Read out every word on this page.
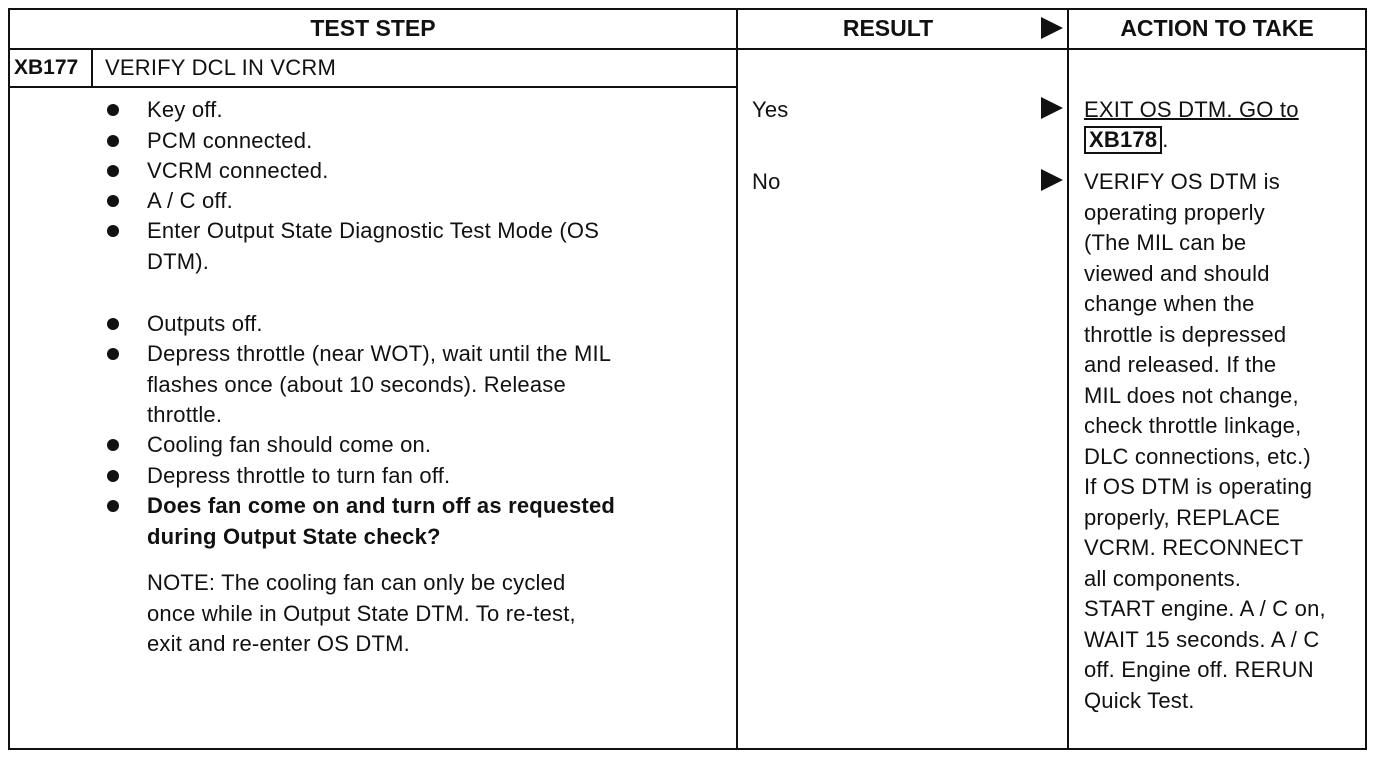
TEST STEP	RESULT	ACTION TO TAKE
XB177 VERIFY DCL IN VCRM
Key off.
PCM connected.
VCRM connected.
A / C off.
Enter Output State Diagnostic Test Mode (OS
DTM).
Outputs off.
Depress throttle (near WOT), wait until the MIL
flashes once (about 10 seconds). Release
throttle.
Cooling fan should come on.
Depress throttle to turn fan off.
Does fan come on and turn off as requested
during Output State check?
NOTE: The cooling fan can only be cycled
once while in Output State DTM. To re-test,
exit and re-enter OS DTM.
Yes
No
EXIT OS DTM. GO to
XB178 .
VERIFY OS DTM is
operating properly
(The MIL can be
viewed and should
change when the
throttle is depressed
and released. If the
MIL does not change,
check throttle linkage,
DLC connections, etc.)
If OS DTM is operating
properly, REPLACE
VCRM. RECONNECT
all components.
START engine. A / C on,
WAIT 15 seconds. A / C
off. Engine off. RERUN
Quick Test.
